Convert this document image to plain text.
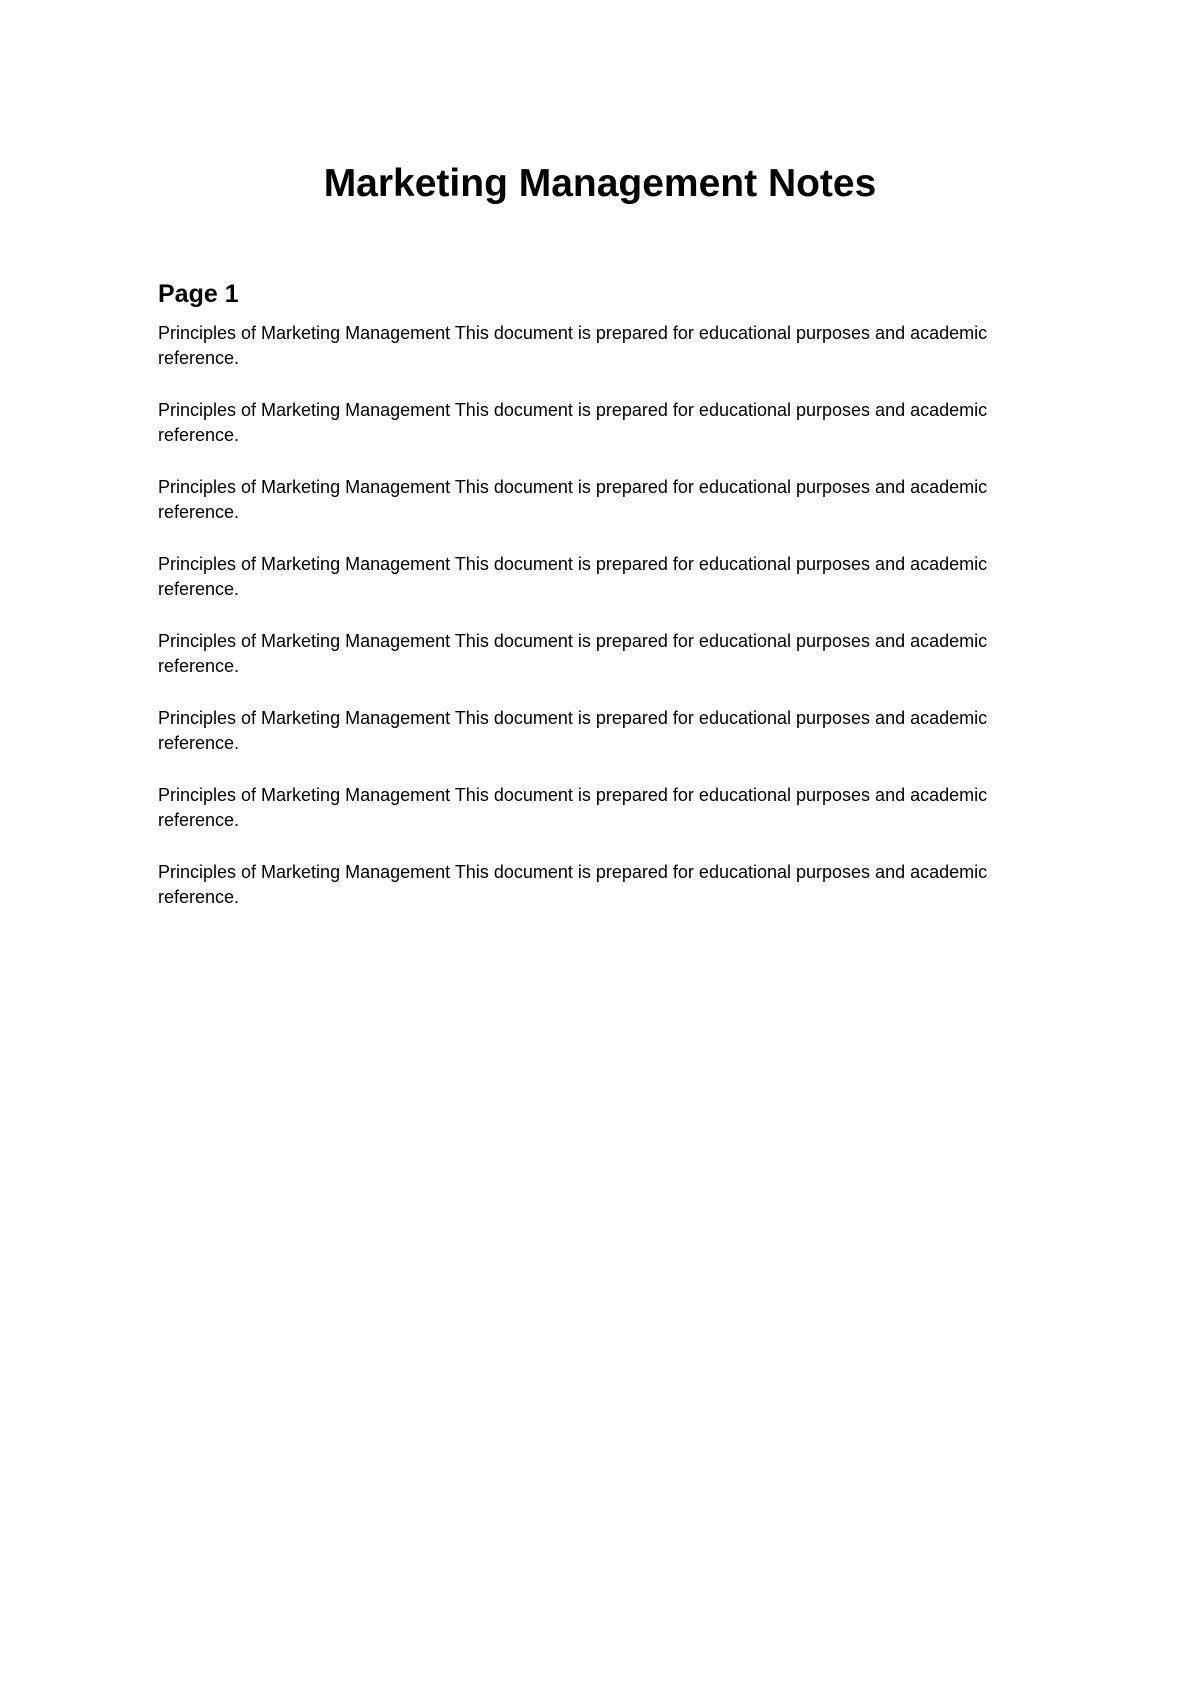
Marketing Management Notes
Page 1

Principles of Marketing Management This document is prepared for educational purposes and academic reference.

Principles of Marketing Management This document is prepared for educational purposes and academic reference.

Principles of Marketing Management This document is prepared for educational purposes and academic reference.

Principles of Marketing Management This document is prepared for educational purposes and academic reference.

Principles of Marketing Management This document is prepared for educational purposes and academic reference.

Principles of Marketing Management This document is prepared for educational purposes and academic reference.

Principles of Marketing Management This document is prepared for educational purposes and academic reference.

Principles of Marketing Management This document is prepared for educational purposes and academic reference.
